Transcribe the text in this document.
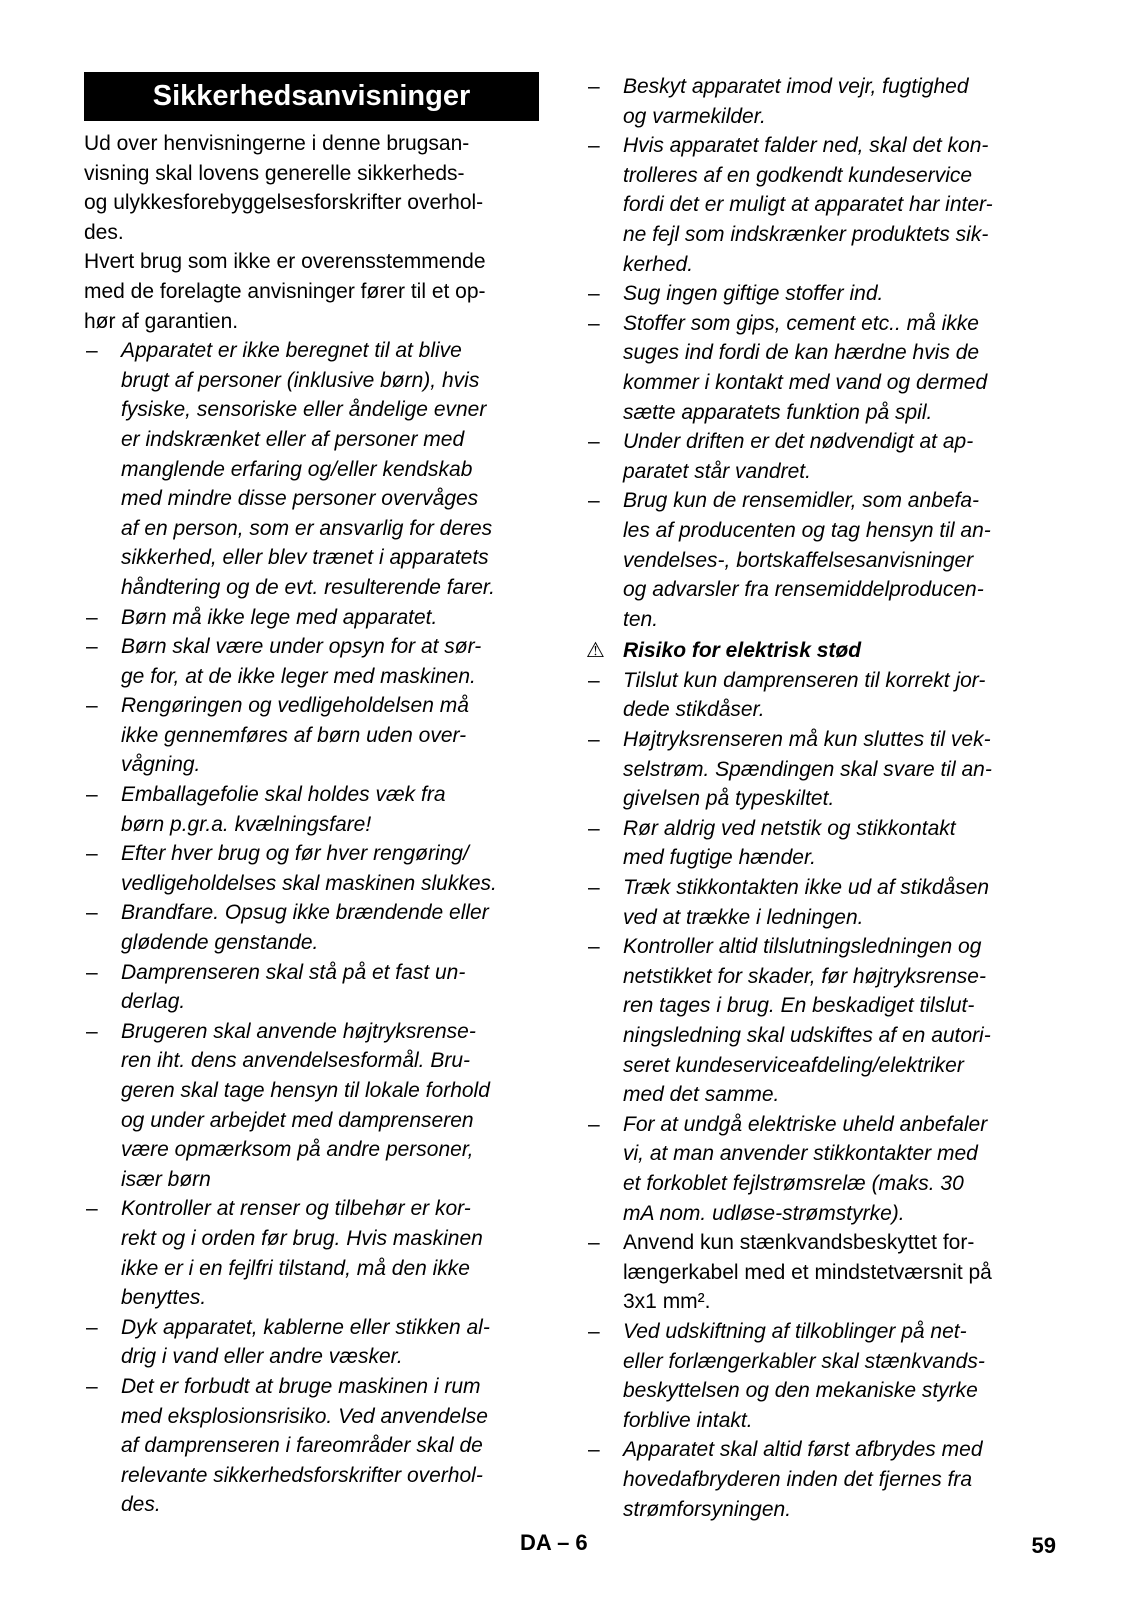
Sikkerhedsanvisninger

Ud over henvisningerne i denne brugsan-
visning skal lovens generelle sikkerheds-
og ulykkesforebyggelsesforskrifter overhol-
des.

Hvert brug som ikke er overensstemmende
med de forelagte anvisninger fører til et op-
hør af garantien.

–	Apparatet er ikke beregnet til at blive
brugt af personer (inklusive børn), hvis
fysiske, sensoriske eller åndelige evner
er indskrænket eller af personer med
manglende erfaring og/eller kendskab
med mindre disse personer overvåges
af en person, som er ansvarlig for deres
sikkerhed, eller blev trænet i apparatets
håndtering og de evt. resulterende farer.
–	Børn må ikke lege med apparatet.
–	Børn skal være under opsyn for at sør-
ge for, at de ikke leger med maskinen.
–	Rengøringen og vedligeholdelsen må
ikke gennemføres af børn uden over-
vågning.
–	Emballagefolie skal holdes væk fra
børn p.gr.a. kvælningsfare!
–	Efter hver brug og før hver rengøring/
vedligeholdelses skal maskinen slukkes.
–	Brandfare. Opsug ikke brændende eller
glødende genstande.
–	Damprenseren skal stå på et fast un-
derlag.
–	Brugeren skal anvende højtryksrense-
ren iht. dens anvendelsesformål. Bru-
geren skal tage hensyn til lokale forhold
og under arbejdet med damprenseren
være opmærksom på andre personer,
især børn
–	Kontroller at renser og tilbehør er kor-
rekt og i orden før brug. Hvis maskinen
ikke er i en fejlfri tilstand, må den ikke
benyttes.
–	Dyk apparatet, kablerne eller stikken al-
drig i vand eller andre væsker.
–	Det er forbudt at bruge maskinen i rum
med eksplosionsrisiko. Ved anvendelse
af damprenseren i fareområder skal de
relevante sikkerhedsforskrifter overhol-
des.
–	Beskyt apparatet imod vejr, fugtighed
og varmekilder.
–	Hvis apparatet falder ned, skal det kon-
trolleres af en godkendt kundeservice
fordi det er muligt at apparatet har inter-
ne fejl som indskrænker produktets sik-
kerhed.
–	Sug ingen giftige stoffer ind.
–	Stoffer som gips, cement etc.. må ikke
suges ind fordi de kan hærdne hvis de
kommer i kontakt med vand og dermed
sætte apparatets funktion på spil.
–	Under driften er det nødvendigt at ap-
paratet står vandret.
–	Brug kun de rensemidler, som anbefa-
les af producenten og tag hensyn til an-
vendelses-, bortskaffelsesanvisninger
og advarsler fra rensemiddelproducen-
ten.
⚠ Risiko for elektrisk stød
–	Tilslut kun damprenseren til korrekt jor-
dede stikdåser.
–	Højtryksrenseren må kun sluttes til vek-
selstrøm. Spændingen skal svare til an-
givelsen på typeskiltet.
–	Rør aldrig ved netstik og stikkontakt
med fugtige hænder.
–	Træk stikkontakten ikke ud af stikdåsen
ved at trække i ledningen.
–	Kontroller altid tilslutningsledningen og
netstikket for skader, før højtryksrense-
ren tages i brug. En beskadiget tilslut-
ningsledning skal udskiftes af en autori-
seret kundeserviceafdeling/elektriker
med det samme.
–	For at undgå elektriske uheld anbefaler
vi, at man anvender stikkontakter med
et forkoblet fejlstrømsrelæ (maks. 30
mA nom. udløse-strømstyrke).
–	Anvend kun stænkvandsbeskyttet for-
længerkabel med et mindstetværsnit på
3x1 mm².
–	Ved udskiftning af tilkoblinger på net-
eller forlængerkabler skal stænkvands-
beskyttelsen og den mekaniske styrke
forblive intakt.
–	Apparatet skal altid først afbrydes med
hovedafbryderen inden det fjernes fra
strømforsyningen.
DA – 6	59
